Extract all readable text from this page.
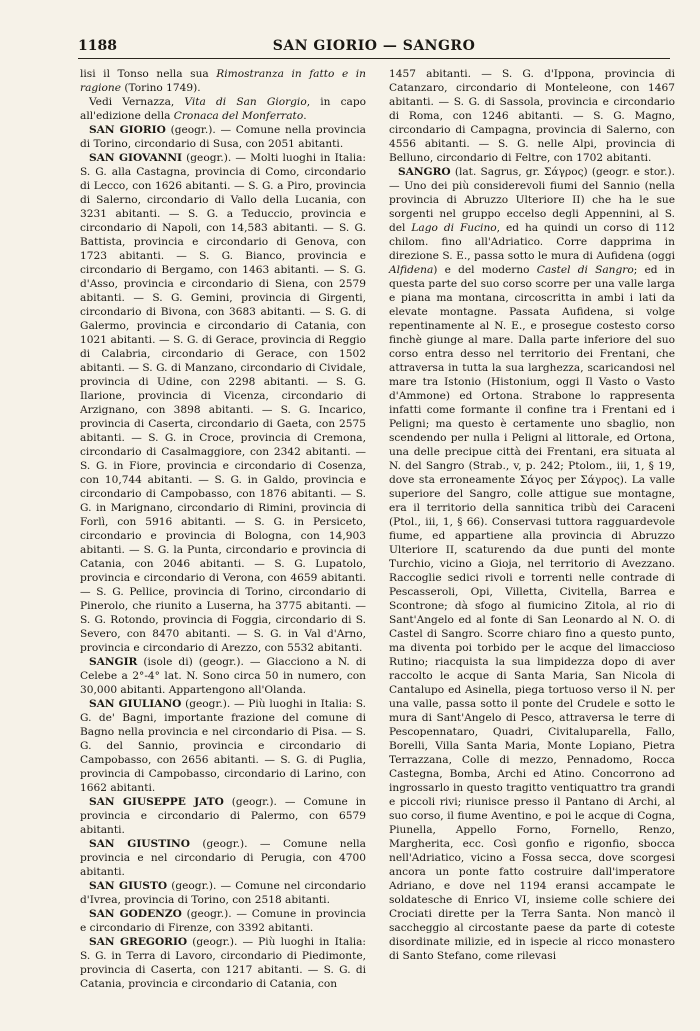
1188	SAN GIORIO — SANGRO

lisi il Tonso nella sua Rimostranza in fatto e in ragione (Torino 1749).

Vedi Vernazza, Vita di San Giorgio, in capo all'edizione della Cronaca del Monferrato.

SAN GIORIO (geogr.). — Comune nella provincia di Torino, circondario di Susa, con 2051 abitanti.

SAN GIOVANNI (geogr.). — Molti luoghi in Italia: S. G. alla Castagna, provincia di Como, circondario di Lecco, con 1626 abitanti. — S. G. a Piro, provincia di Salerno, circondario di Vallo della Lucania, con 3231 abitanti. — S. G. a Teduccio, provincia e circondario di Napoli, con 14,583 abitanti. — S. G. Battista, provincia e circondario di Genova, con 1723 abitanti. — S. G. Bianco, provincia e circondario di Bergamo, con 1463 abitanti. — S. G. d'Asso, provincia e circondario di Siena, con 2579 abitanti. — S. G. Gemini, provincia di Girgenti, circondario di Bivona, con 3683 abitanti. — S. G. di Galermo, provincia e circondario di Catania, con 1021 abitanti. — S. G. di Gerace, provincia di Reggio di Calabria, circondario di Gerace, con 1502 abitanti. — S. G. di Manzano, circondario di Cividale, provincia di Udine, con 2298 abitanti. — S. G. Ilarione, provincia di Vicenza, circondario di Arzignano, con 3898 abitanti. — S. G. Incarico, provincia di Caserta, circondario di Gaeta, con 2575 abitanti. — S. G. in Croce, provincia di Cremona, circondario di Casalmaggiore, con 2342 abitanti. — S. G. in Fiore, provincia e circondario di Cosenza, con 10,744 abitanti. — S. G. in Galdo, provincia e circondario di Campobasso, con 1876 abitanti. — S. G. in Marignano, circondario di Rimini, provincia di Forlì, con 5916 abitanti. — S. G. in Persiceto, circondario e provincia di Bologna, con 14,903 abitanti. — S. G. la Punta, circondario e provincia di Catania, con 2046 abitanti. — S. G. Lupatolo, provincia e circondario di Verona, con 4659 abitanti. — S. G. Pellice, provincia di Torino, circondario di Pinerolo, che riunito a Luserna, ha 3775 abitanti. — S. G. Rotondo, provincia di Foggia, circondario di S. Severo, con 8470 abitanti. — S. G. in Val d'Arno, provincia e circondario di Arezzo, con 5532 abitanti.

SANGIR (isole di) (geogr.). — Giacciono a N. di Celebe a 2°-4° lat. N. Sono circa 50 in numero, con 30,000 abitanti. Appartengono all'Olanda.

SAN GIULIANO (geogr.). — Più luoghi in Italia: S. G. de' Bagni, importante frazione del comune di Bagno nella provincia e nel circondario di Pisa. — S. G. del Sannio, provincia e circondario di Campobasso, con 2656 abitanti. — S. G. di Puglia, provincia di Campobasso, circondario di Larino, con 1662 abitanti.

SAN GIUSEPPE JATO (geogr.). — Comune in provincia e circondario di Palermo, con 6579 abitanti.

SAN GIUSTINO (geogr.). — Comune nella provincia e nel circondario di Perugia, con 4700 abitanti.

SAN GIUSTO (geogr.). — Comune nel circondario d'Ivrea, provincia di Torino, con 2518 abitanti.

SAN GODENZO (geogr.). — Comune in provincia e circondario di Firenze, con 3392 abitanti.

SAN GREGORIO (geogr.). — Più luoghi in Italia: S. G. in Terra di Lavoro, circondario di Piedimonte, provincia di Caserta, con 1217 abitanti. — S. G. di Catania, provincia e circondario di Catania, con

1457 abitanti. — S. G. d'Ippona, provincia di Catanzaro, circondario di Monteleone, con 1467 abitanti. — S. G. di Sassola, provincia e circondario di Roma, con 1246 abitanti. — S. G. Magno, circondario di Campagna, provincia di Salerno, con 4556 abitanti. — S. G. nelle Alpi, provincia di Belluno, circondario di Feltre, con 1702 abitanti.

SANGRO (lat. Sagrus, gr. Σάγρος) (geogr. e stor.). — Uno dei più considerevoli fiumi del Sannio (nella provincia di Abruzzo Ulteriore II) che ha le sue sorgenti nel gruppo eccelso degli Appennini, al S. del Lago di Fucino, ed ha quindi un corso di 112 chilom. fino all'Adriatico. Corre dapprima in direzione S. E., passa sotto le mura di Aufidena (oggi Alfidena) e del moderno Castel di Sangro; ed in questa parte del suo corso scorre per una valle larga e piana ma montana, circoscritta in ambi i lati da elevate montagne. Passata Aufidena, si volge repentinamente al N. E., e prosegue costesto corso finchè giunge al mare. Dalla parte inferiore del suo corso entra desso nel territorio dei Frentani, che attraversa in tutta la sua larghezza, scaricandosi nel mare tra Istonio (Histonium, oggi Il Vasto o Vasto d'Ammone) ed Ortona. Strabone lo rappresenta infatti come formante il confine tra i Frentani ed i Peligni; ma questo è certamente uno sbaglio, non scendendo per nulla i Peligni al littorale, ed Ortona, una delle precipue città dei Frentani, era situata al N. del Sangro (Strab., v, p. 242; Ptolom., iii, 1, § 19, dove sta erroneamente Σάγος per Σάγρος). La valle superiore del Sangro, colle attigue sue montagne, era il territorio della sannitica tribù dei Caraceni (Ptol., iii, 1, § 66). Conservasi tuttora ragguardevole fiume, ed appartiene alla provincia di Abruzzo Ulteriore II, scaturendo da due punti del monte Turchio, vicino a Gioja, nel territorio di Avezzano. Raccoglie sedici rivoli e torrenti nelle contrade di Pescasseroli, Opi, Villetta, Civitella, Barrea e Scontrone; dà sfogo al fiumicino Zitola, al rio di Sant'Angelo ed al fonte di San Leonardo al N. O. di Castel di Sangro. Scorre chiaro fino a questo punto, ma diventa poi torbido per le acque del limaccioso Rutino; riacquista la sua limpidezza dopo di aver raccolto le acque di Santa Maria, San Nicola di Cantalupo ed Asinella, piega tortuoso verso il N. per una valle, passa sotto il ponte del Crudele e sotto le mura di Sant'Angelo di Pesco, attraversa le terre di Pescopennataro, Quadri, Civitaluparella, Fallo, Borelli, Villa Santa Maria, Monte Lopiano, Pietra Terrazzana, Colle di mezzo, Pennadomo, Rocca Castegna, Bomba, Archi ed Atino. Concorrono ad ingrossarlo in questo tragitto ventiquattro tra grandi e piccoli rivi; riunisce presso il Pantano di Archi, al suo corso, il fiume Aventino, e poi le acque di Cogna, Piunella, Appello Forno, Fornello, Renzo, Margherita, ecc. Così gonfio e rigonfio, sbocca nell'Adriatico, vicino a Fossa secca, dove scorgesi ancora un ponte fatto costruire dall'imperatore Adriano, e dove nel 1194 eransi accampate le soldatesche di Enrico VI, insieme colle schiere dei Crociati dirette per la Terra Santa. Non mancò il saccheggio al circostante paese da parte di coteste disordinate milizie, ed in ispecie al ricco monastero di Santo Stefano, come rilevasi
